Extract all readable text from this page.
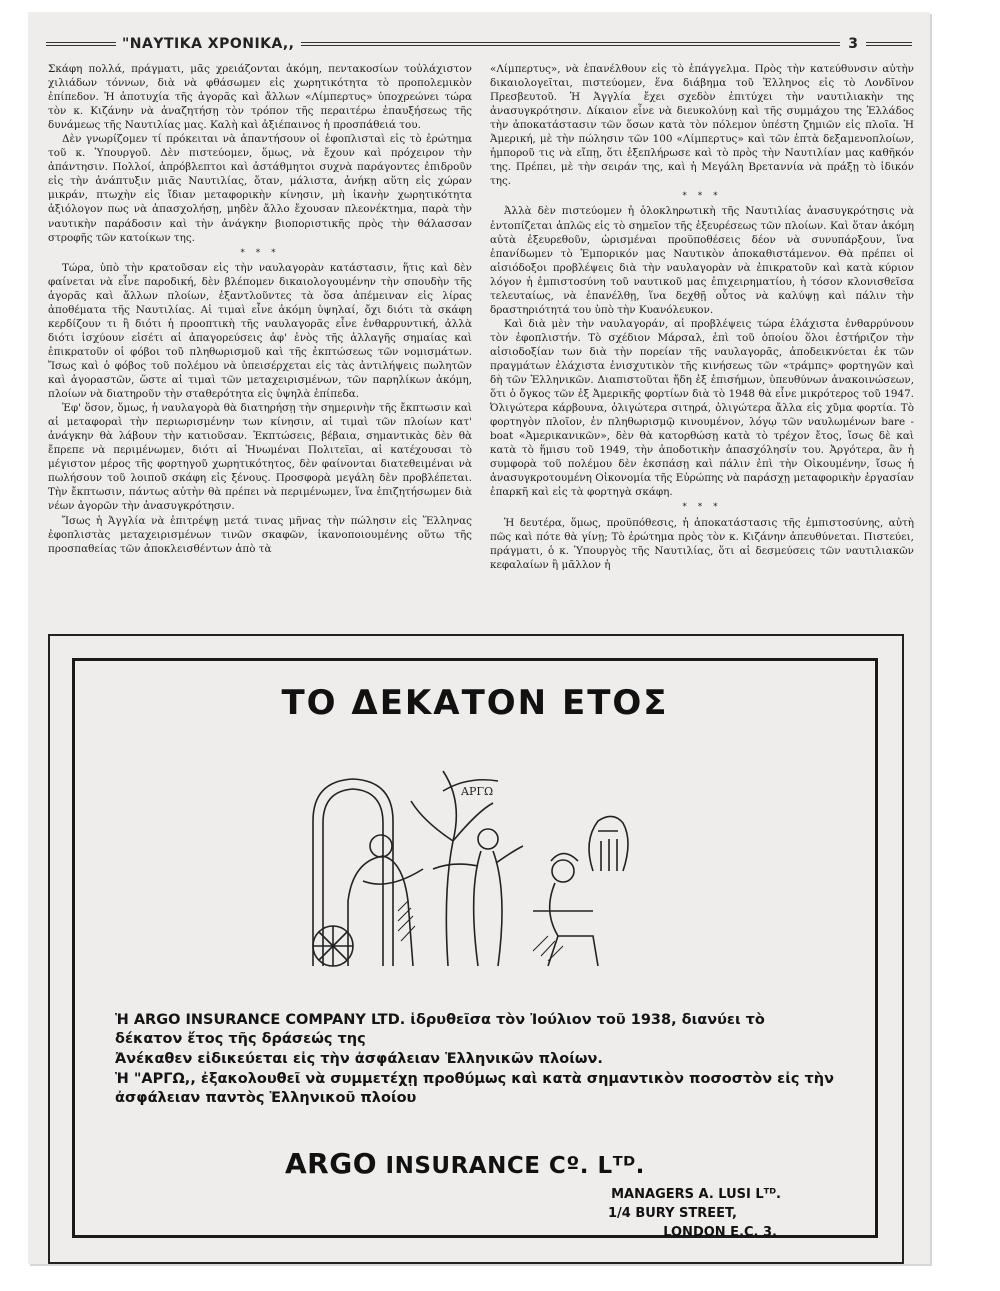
"ΝΑΥΤΙΚΑ ΧΡΟΝΙΚΑ,,	3

Σκάφη πολλά, πράγματι, μᾶς χρειάζονται ἀκόμη, πεντακοσίων τοὐλάχιστον χιλιάδων τόννων, διὰ νὰ φθάσωμεν εἰς χωρητικότητα τὸ προπολεμικὸν ἐπίπεδον. Ἡ ἀποτυχία τῆς ἀγορᾶς καὶ ἄλλων «Λίμπερτυς» ὑποχρεώνει τώρα τὸν κ. Κιζάνην νὰ ἀναζητήσῃ τὸν τρόπον τῆς περαιτέρω ἐπαυξήσεως τῆς δυνάμεως τῆς Ναυτιλίας μας. Καλὴ καὶ ἀξιέπαινος ἡ προσπάθειά του.

Δὲν γνωρίζομεν τί πρόκειται νὰ ἀπαντήσουν οἱ ἐφοπλισταὶ εἰς τὸ ἐρώτημα τοῦ κ. Ὑπουργοῦ. Δὲν πιστεύομεν, ὅμως, νὰ ἔχουν καὶ πρόχειρον τὴν ἀπάντησιν. Πολλοί, ἀπρόβλεπτοι καὶ ἀστάθμητοι συχνὰ παράγοντες ἐπιδροῦν εἰς τὴν ἀνάπτυξιν μιᾶς Ναυτιλίας, ὅταν, μάλιστα, ἀνήκῃ αὕτη εἰς χώραν μικράν, πτωχὴν εἰς ἴδιαν μεταφορικὴν κίνησιν, μὴ ἱκανὴν χωρητικότητα ἀξιόλογον πως νὰ ἀπασχολήσῃ, μηδὲν ἄλλο ἔχουσαν πλεονέκτημα, παρὰ τὴν ναυτικὴν παράδοσιν καὶ τὴν ἀνάγκην βιοποριστικῆς πρὸς τὴν θάλασσαν στροφῆς τῶν κατοίκων της.

* * *

Τώρα, ὑπὸ τὴν κρατοῦσαν εἰς τὴν ναυλαγορὰν κατάστασιν, ἥτις καὶ δὲν φαίνεται νὰ εἶνε παροδική, δὲν βλέπομεν δικαιολογουμένην τὴν σπουδὴν τῆς ἀγορᾶς καὶ ἄλλων πλοίων, ἐξαντλοῦντες τὰ ὅσα ἀπέμειναν εἰς λίρας ἀποθέματα τῆς Ναυτιλίας. Αἱ τιμαὶ εἶνε ἀκόμη ὑψηλαί, ὄχι διότι τὰ σκάφη κερδίζουν τι ἢ διότι ἡ προοπτικὴ τῆς ναυλαγορᾶς εἶνε ἐνθαρρυντική, ἀλλὰ διότι ἰσχύουν εἰσέτι αἱ ἀπαγορεύσεις ἀφ' ἑνὸς τῆς ἀλλαγῆς σημαίας καὶ ἐπικρατοῦν οἱ φόβοι τοῦ πληθωρισμοῦ καὶ τῆς ἐκπτώσεως τῶν νομισμάτων. Ἴσως καὶ ὁ φόβος τοῦ πολέμου νὰ ὑπεισέρχεται εἰς τὰς ἀντιλήψεις πωλητῶν καὶ ἀγοραστῶν, ὥστε αἱ τιμαὶ τῶν μεταχειρισμένων, τῶν παρηλίκων ἀκόμη, πλοίων νὰ διατηροῦν τὴν σταθερότητα εἰς ὑψηλὰ ἐπίπεδα.

Ἐφ' ὅσον, ὅμως, ἡ ναυλαγορὰ θὰ διατηρήσῃ τὴν σημερινὴν τῆς ἔκπτωσιν καὶ αἱ μεταφοραὶ τὴν περιωρισμένην των κίνησιν, αἱ τιμαὶ τῶν πλοίων κατ' ἀνάγκην θὰ λάβουν τὴν κατιοῦσαν. Ἐκπτώσεις, βέβαια, σημαντικὰς δὲν θὰ ἔπρεπε νὰ περιμένωμεν, διότι αἱ Ἡνωμέναι Πολιτεῖαι, αἱ κατέχουσαι τὸ μέγιστον μέρος τῆς φορτηγοῦ χωρητικότητος, δὲν φαίνονται διατεθειμέναι νὰ πωλήσουν τοῦ λοιποῦ σκάφη εἰς ξένους. Προσφορὰ μεγάλη δὲν προβλέπεται. Τὴν ἔκπτωσιν, πάντως αὐτὴν θὰ πρέπει νὰ περιμένωμεν, ἵνα ἐπιζητήσωμεν διὰ νέων ἀγορῶν τὴν ἀνασυγκρότησιν.

Ἴσως ἡ Ἀγγλία νὰ ἐπιτρέψῃ μετά τινας μῆνας τὴν πώλησιν εἰς Ἕλληνας ἐφοπλιστὰς μεταχειρισμένων τινῶν σκαφῶν, ἱκανοποιουμένης οὕτω τῆς προσπαθείας τῶν ἀποκλεισθέντων ἀπὸ τὰ

«Λίμπερτυς», νὰ ἐπανέλθουν εἰς τὸ ἐπάγγελμα. Πρὸς τὴν κατεύθυνσιν αὐτὴν δικαιολογεῖται, πιστεύομεν, ἕνα διάβημα τοῦ Ἑλληνος εἰς τὸ Λονδῖνον Πρεσβευτοῦ. Ἡ Ἀγγλία ἔχει σχεδὸν ἐπιτύχει τὴν ναυτιλιακὴν της ἀνασυγκρότησιν. Δίκαιον εἶνε νὰ διευκολύνῃ καὶ τῆς συμμάχου της Ἑλλάδος τὴν ἀποκατάστασιν τῶν ὅσων κατὰ τὸν πόλεμον ὑπέστη ζημιῶν εἰς πλοῖα. Ἡ Ἀμερική, μὲ τὴν πώλησιν τῶν 100 «Λίμπερτυς» καὶ τῶν ἑπτὰ δεξαμενοπλοίων, ἠμποροῦ τις νὰ εἴπῃ, ὅτι ἐξεπλήρωσε καὶ τὸ πρὸς τὴν Ναυτιλίαν μας καθῆκόν της. Πρέπει, μὲ τὴν σειράν της, καὶ ἡ Μεγάλη Βρεταννία νὰ πράξῃ τὸ ἰδικόν της.

* * *

Ἀλλὰ δὲν πιστεύομεν ἡ ὁλοκληρωτικὴ τῆς Ναυτιλίας ἀνασυγκρότησις νὰ ἐντοπίζεται ἁπλῶς εἰς τὸ σημεῖον τῆς ἐξευρέσεως τῶν πλοίων. Καὶ ὅταν ἀκόμη αὐτὰ ἐξευρεθοῦν, ὡρισμέναι προϋποθέσεις δέον νὰ συνυπάρξουν, ἵνα ἐπανίδωμεν τὸ Ἐμπορικόν μας Ναυτικὸν ἀποκαθιστάμενον. Θὰ πρέπει οἱ αἰσιόδοξοι προβλέψεις διὰ τὴν ναυλαγορὰν νὰ ἐπικρατοῦν καὶ κατὰ κύριον λόγον ἡ ἐμπιστοσύνη τοῦ ναυτικοῦ μας ἐπιχειρηματίου, ἡ τόσον κλονισθεῖσα τελευταίως, νὰ ἐπανέλθῃ, ἵνα δεχθῇ οὗτος νὰ καλύψῃ καὶ πάλιν τὴν δραστηριότητά του ὑπὸ τὴν Κυανόλευκον.

Καὶ διὰ μὲν τὴν ναυλαγοράν, αἱ προβλέψεις τώρα ἐλάχιστα ἐνθαρρύνουν τὸν ἐφοπλιστήν. Τὸ σχέδιον Μάρσαλ, ἐπὶ τοῦ ὁποίου ὅλοι ἐστήριζον τὴν αἰσιοδοξίαν των διὰ τὴν πορείαν τῆς ναυλαγορᾶς, ἀποδεικνύεται ἐκ τῶν πραγμάτων ἐλάχιστα ἐνισχυτικὸν τῆς κινήσεως τῶν «τράμπς» φορτηγῶν καὶ δὴ τῶν Ἑλληνικῶν. Διαπιστοῦται ἤδη ἐξ ἐπισήμων, ὑπευθύνων ἀνακοινώσεων, ὅτι ὁ ὄγκος τῶν ἐξ Ἀμερικῆς φορτίων διὰ τὸ 1948 θὰ εἶνε μικρότερος τοῦ 1947. Ὀλιγώτερα κάρβουνα, ὀλιγώτερα σιτηρά, ὀλιγώτερα ἄλλα εἰς χῦμα φορτία. Τὸ φορτηγὸν πλοῖον, ἐν πληθωρισμῷ κινουμένον, λόγῳ τῶν ναυλωμένων bare - boat «Ἀμερικανικῶν», δὲν θὰ κατορθώσῃ κατὰ τὸ τρέχον ἔτος, ἴσως δὲ καὶ κατὰ τὸ ἥμισυ τοῦ 1949, τὴν ἀποδοτικὴν ἀπασχόλησίν του. Ἀργότερα, ἂν ἡ συμφορὰ τοῦ πολέμου δὲν ἐκσπάσῃ καὶ πάλιν ἐπὶ τὴν Οἰκουμένην, ἴσως ἡ ἀνασυγκροτουμένη Οἰκονομία τῆς Εὐρώπης νὰ παράσχῃ μεταφορικὴν ἐργασίαν ἐπαρκῆ καὶ εἰς τὰ φορτηγὰ σκάφη.

* * *

Ἡ δευτέρα, ὅμως, προϋπόθεσις, ἡ ἀποκατάστασις τῆς ἐμπιστοσύνης, αὐτὴ πῶς καὶ πότε θὰ γίνῃ; Τὸ ἐρώτημα πρὸς τὸν κ. Κιζάνην ἀπευθύνεται. Πιστεύει, πράγματι, ὁ κ. Ὑπουργὸς τῆς Ναυτιλίας, ὅτι αἱ δεσμεύσεις τῶν ναυτιλιακῶν κεφαλαίων ἢ μᾶλλον ἡ

ΤΟ ΔΕΚΑΤΟΝ ΕΤΟΣ
ΑΡΓΩ

Ἡ ARGO INSURANCE COMPANY LTD. ἱδρυθεῖσα τὸν Ἰούλιον τοῦ 1938, διανύει τὸ δέκατον ἔτος τῆς δράσεώς της

Ἀνέκαθεν εἰδικεύεται εἰς τὴν ἀσφάλειαν Ἑλληνικῶν πλοίων.

Ἡ "ΑΡΓΩ,, ἐξακολουθεῖ νὰ συμμετέχῃ προθύμως καὶ κατὰ σημαντικὸν ποσοστὸν εἰς τὴν ἀσφάλειαν παντὸς Ἑλληνικοῦ πλοίου

ARGO INSURANCE Cº. Lᵀᴰ.
MANAGERS A. LUSI Lᵀᴰ.
1/4 BURY STREET,
LONDON E.C. 3.
